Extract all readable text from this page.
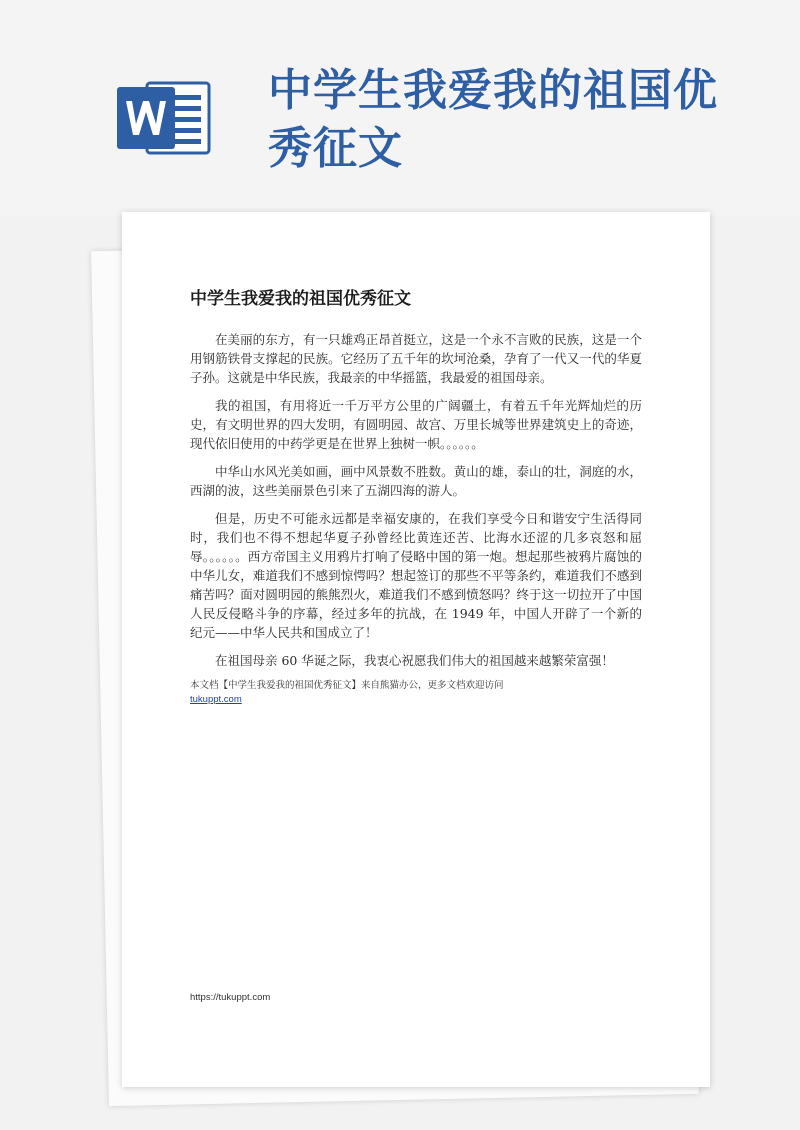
中学生我爱我的祖国优秀征文
中学生我爱我的祖国优秀征文

在美丽的东方，有一只雄鸡正昂首挺立，这是一个永不言败的民族，这是一个用钢筋铁骨支撑起的民族。它经历了五千年的坎坷沧桑，孕育了一代又一代的华夏子孙。这就是中华民族，我最亲的中华摇篮，我最爱的祖国母亲。

我的祖国，有用将近一千万平方公里的广阔疆土，有着五千年光辉灿烂的历史，有文明世界的四大发明，有圆明园、故宫、万里长城等世界建筑史上的奇迹，现代依旧使用的中药学更是在世界上独树一帜。。。。。。

中华山水风光美如画，画中风景数不胜数。黄山的雄，泰山的壮，洞庭的水，西湖的波，这些美丽景色引来了五湖四海的游人。

但是，历史不可能永远都是幸福安康的，在我们享受今日和谐安宁生活得同时，我们也不得不想起华夏子孙曾经比黄连还苦、比海水还涩的几多哀怒和屈辱。。。。。。西方帝国主义用鸦片打响了侵略中国的第一炮。想起那些被鸦片腐蚀的中华儿女，难道我们不感到惊愕吗？想起签订的那些不平等条约，难道我们不感到痛苦吗？面对圆明园的熊熊烈火，难道我们不感到愤怒吗？终于这一切拉开了中国人民反侵略斗争的序幕，经过多年的抗战，在 1949 年，中国人开辟了一个新的纪元——中华人民共和国成立了！

在祖国母亲 60 华诞之际，我衷心祝愿我们伟大的祖国越来越繁荣富强！

本文档【中学生我爱我的祖国优秀征文】来自熊猫办公，更多文档欢迎访问
tukuppt.com
https://tukuppt.com
